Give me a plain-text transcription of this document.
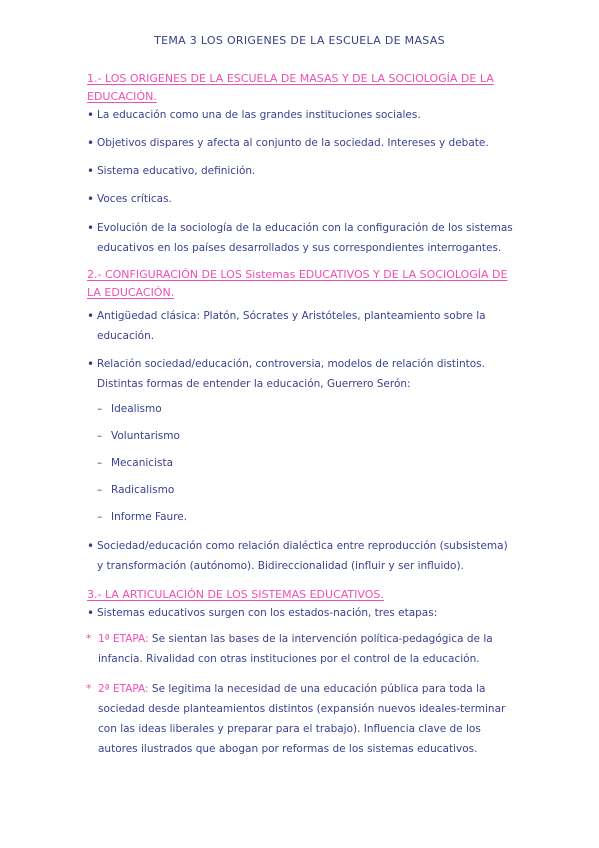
TEMA 3 LOS ORIGENES DE LA ESCUELA DE MASAS
1.- LOS ORIGENES DE LA ESCUELA DE MASAS Y DE LA SOCIOLOGÍA DE LA EDUCACIÓN.
• La educación como una de las grandes instituciones sociales.
• Objetivos dispares y afecta al conjunto de la sociedad. Intereses y debate.
• Sistema educativo, definición.
• Voces críticas.
• Evolución de la sociología de la educación con la configuración de los sistemas educativos en los países desarrollados y sus correspondientes interrogantes.
2.- CONFIGURACIÓN DE LOS Sistemas EDUCATIVOS Y DE LA SOCIOLOGÍA DE LA EDUCACIÓN.
• Antigüedad clásica: Platón, Sócrates y Aristóteles, planteamiento sobre la educación.
• Relación sociedad/educación, controversia, modelos de relación distintos. Distintas formas de entender la educación, Guerrero Serón:
– Idealismo
– Voluntarismo
– Mecanicista
– Radicalismo
– Informe Faure.
• Sociedad/educación como relación dialéctica entre reproducción (subsistema) y transformación (autónomo). Bidireccionalidad (influir y ser influido).
3.- LA ARTICULACIÓN DE LOS SISTEMAS EDUCATIVOS.
• Sistemas educativos surgen con los estados-nación, tres etapas:
* 1ª ETAPA: Se sientan las bases de la intervención política-pedagógica de la infancia. Rivalidad con otras instituciones por el control de la educación.
* 2ª ETAPA: Se legitima la necesidad de una educación pública para toda la sociedad desde planteamientos distintos (expansión nuevos ideales-terminar con las ideas liberales y preparar para el trabajo). Influencia clave de los autores ilustrados que abogan por reformas de los sistemas educativos.
